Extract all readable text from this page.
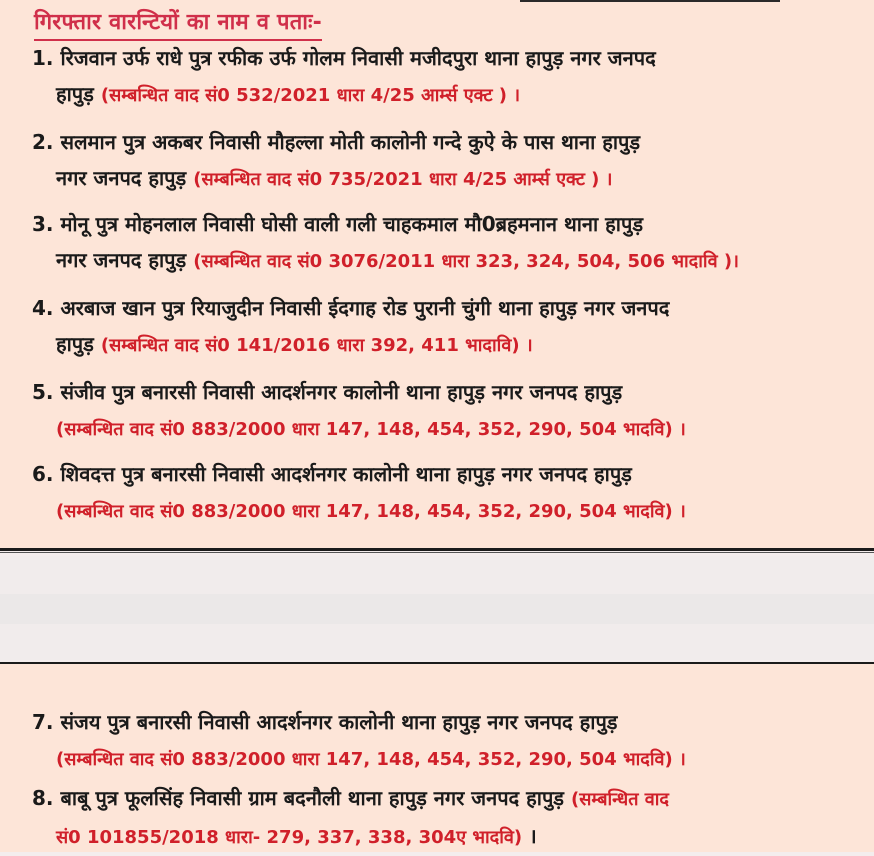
गिरफ्तार वारन्टियों का नाम व पताः-
1. रिजवान उर्फ राधे पुत्र रफीक उर्फ गोलम निवासी मजीदपुरा थाना हापुड़ नगर जनपद
हापुड़ (सम्बन्धित वाद सं0 532/2021 धारा 4/25 आर्म्स एक्ट ) ।
2. सलमान पुत्र अकबर निवासी मौहल्ला मोती कालोनी गन्दे कुऐ के पास थाना हापुड़
नगर जनपद हापुड़ (सम्बन्धित वाद सं0 735/2021 धारा 4/25 आर्म्स एक्ट ) ।
3. मोनू पुत्र मोहनलाल निवासी घोसी वाली गली चाहकमाल मौ0ब्रहमनान थाना हापुड़
नगर जनपद हापुड़ (सम्बन्धित वाद सं0 3076/2011 धारा 323, 324, 504, 506 भादावि )।
4. अरबाज खान पुत्र रियाजुदीन निवासी ईदगाह रोड पुरानी चुंगी थाना हापुड़ नगर जनपद
हापुड़ (सम्बन्धित वाद सं0 141/2016 धारा 392, 411 भादावि) ।
5. संजीव पुत्र बनारसी निवासी आदर्शनगर कालोनी थाना हापुड़ नगर जनपद हापुड़
(सम्बन्धित वाद सं0 883/2000 धारा 147, 148, 454, 352, 290, 504 भादवि) ।
6. शिवदत्त पुत्र बनारसी निवासी आदर्शनगर कालोनी थाना हापुड़ नगर जनपद हापुड़
(सम्बन्धित वाद सं0 883/2000 धारा 147, 148, 454, 352, 290, 504 भादवि) ।
7. संजय पुत्र बनारसी निवासी आदर्शनगर कालोनी थाना हापुड़ नगर जनपद हापुड़
(सम्बन्धित वाद सं0 883/2000 धारा 147, 148, 454, 352, 290, 504 भादवि) ।
8. बाबू पुत्र फूलसिंह निवासी ग्राम बदनौली थाना हापुड़ नगर जनपद हापुड़ (सम्बन्धित वाद
सं0 101855/2018 धारा- 279, 337, 338, 304ए भादवि) ।
